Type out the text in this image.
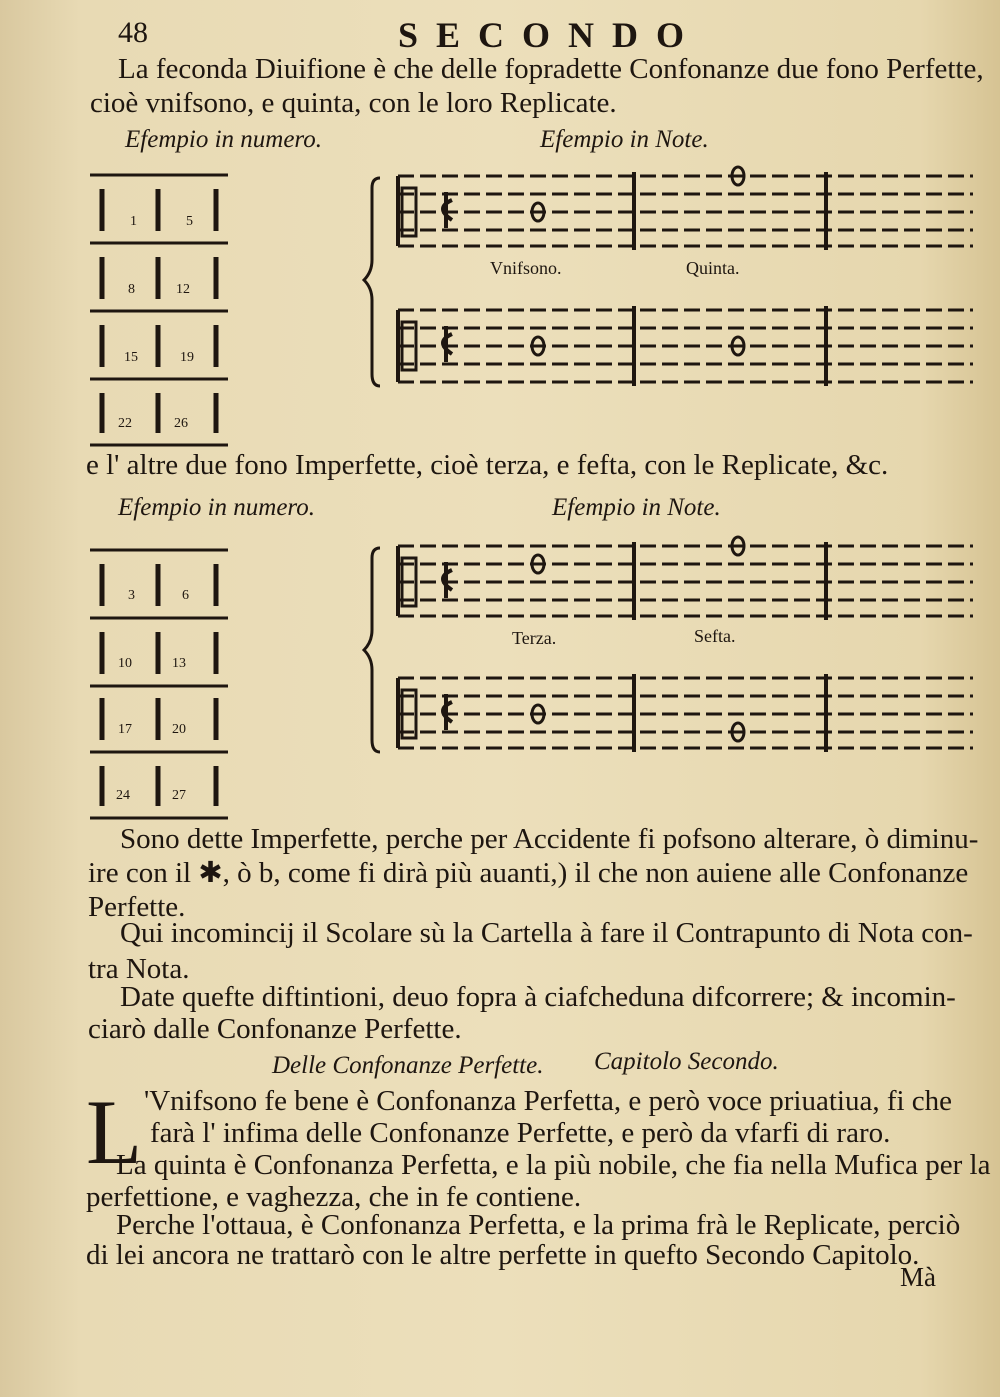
48	SECONDO
La feconda Diuifione è che delle fopradette Confonanze due fono Perfette,
cioè vnifsono, e quinta, con le loro Replicate.
Efempio in numero.	Efempio in Note.
1	5
8	12
15	19
22	26
Vnifsono.	Quinta.
e l' altre due fono Imperfette, cioè terza, e fefta, con le Replicate, &c.
Efempio in numero.	Efempio in Note.
3	6
10	13
17	20
24	27
Terza.	Sefta.
Sono dette Imperfette, perche per Accidente fi pofsono alterare, ò diminu-
ire con il ✱, ò b, come fi dirà più auanti,) il che non auiene alle Confonanze
Perfette.
Qui incomincij il Scolare sù la Cartella à fare il Contrapunto di Nota con-
tra Nota.
Date quefte diftintioni, deuo fopra à ciafcheduna difcorrere; & incomin-
ciarò dalle Confonanze Perfette.
Delle Confonanze Perfette. Capitolo Secondo.
L 'Vnifsono fe bene è Confonanza Perfetta, e però voce priuatiua, fi che
farà l' infima delle Confonanze Perfette, e però da vfarfi di raro.
La quinta è Confonanza Perfetta, e la più nobile, che fia nella Mufica per la
perfettione, e vaghezza, che in fe contiene.
Perche l'ottaua, è Confonanza Perfetta, e la prima frà le Replicate, perciò
di lei ancora ne trattarò con le altre perfette in quefto Secondo Capitolo.
Mà
